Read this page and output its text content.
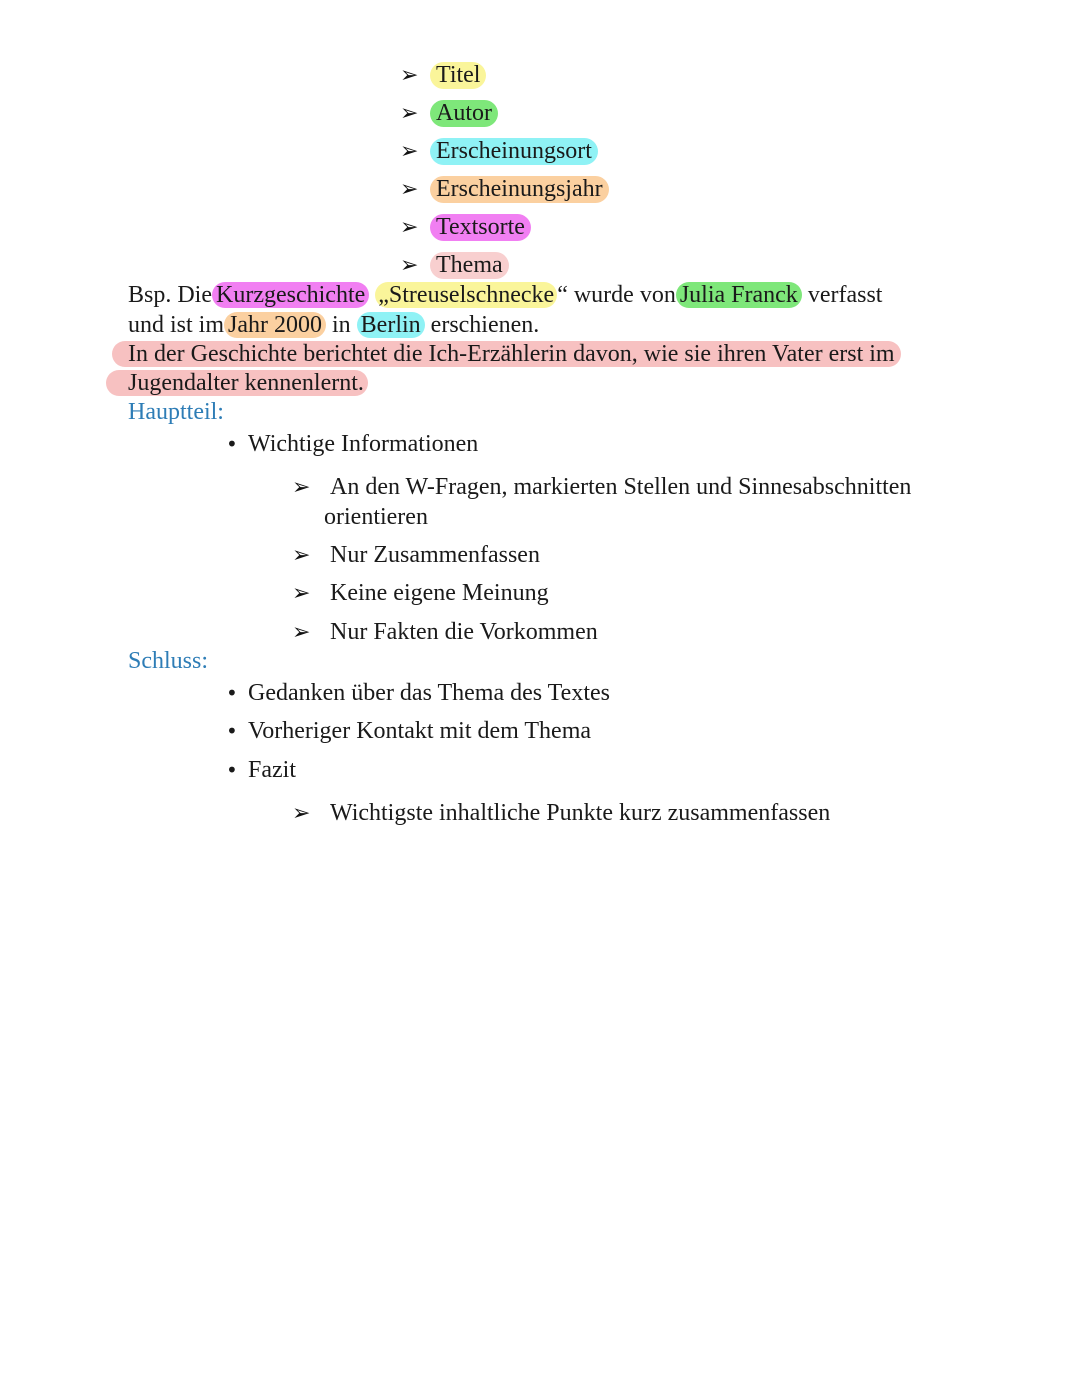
➢ Titel
➢ Autor
➢ Erscheinungsort
➢ Erscheinungsjahr
➢ Textsorte
➢ Thema
Bsp. Die Kurzgeschichte „Streuselschnecke “ wurde von Julia Franck verfasst
und ist im Jahr 2000 in Berlin erschienen.
In der Geschichte berichtet die Ich-Erzählerin davon, wie sie ihren Vater erst im
Jugendalter kennenlernt.
Hauptteil:
• Wichtige Informationen
➢ An den W-Fragen, markierten Stellen und Sinnesabschnitten
orientieren
➢ Nur Zusammenfassen
➢ Keine eigene Meinung
➢ Nur Fakten die Vorkommen
Schluss:
• Gedanken über das Thema des Textes
• Vorheriger Kontakt mit dem Thema
• Fazit
➢ Wichtigste inhaltliche Punkte kurz zusammenfassen
